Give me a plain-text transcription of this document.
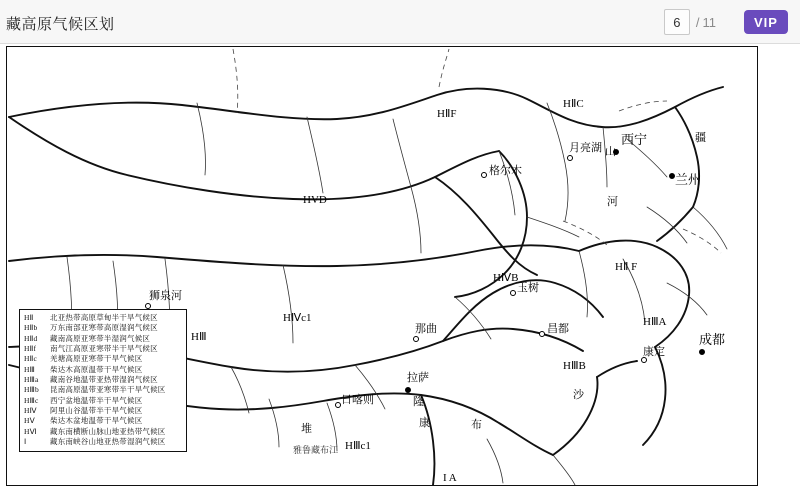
藏高原气候区划	6	/ 11	VIP
HⅡF
HⅡC
HVD
HⅣB
HⅡ F
HⅣc1	HⅢA
HⅢB
HⅢ
HⅢc1
I A
西宁
兰州
成都
格尔木
月亮湖 山
河
玉树
昌都
那曲
康定
狮泉河
日喀则
拉萨
隆
康	布
沙
堆
雅鲁藏布江
疆
HⅡ 北亚热带高原草甸半干旱气候区
HⅡb 万东南部亚寒带高原湿润气候区
HⅡd 藏南高原亚寒带半湿润气候区
HⅡf 南气江高原亚寒带半干旱气候区
HⅡc 羌塘高原亚寒带干旱气候区
HⅢ 柴达木高原温带干旱气候区
HⅢa 藏南谷地温带亚热带湿润气候区
HⅢb 昆南高原温带亚寒带半干旱气候区
HⅢc 西宁盆地温带半干旱气候区
HⅣ 阿里山谷温带半干旱气候区
HⅤ 柴达木盆地温带干旱气候区
HⅥ 藏东南横断山脉山地亚热带气候区
Ⅰ	藏东南峡谷山地亚热带湿润气候区
